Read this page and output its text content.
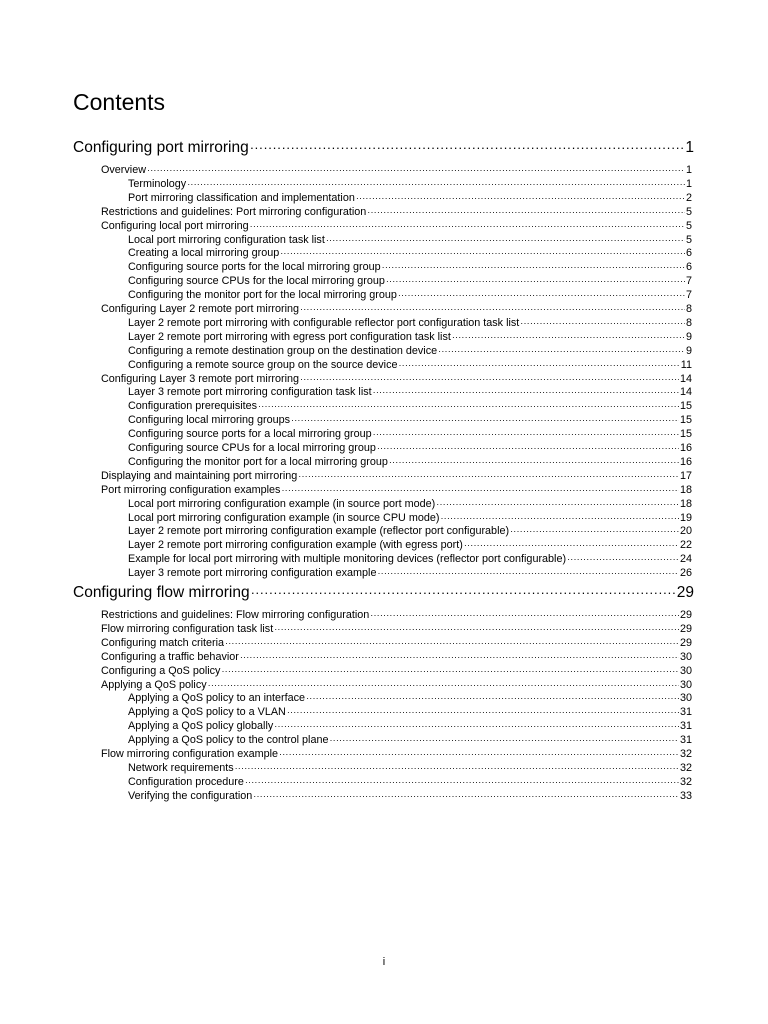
Contents
Configuring port mirroring ·····	1
Overview ·····	1
Terminology ·····	1
Port mirroring classification and implementation ·····	2
Restrictions and guidelines: Port mirroring configuration ·····	5
Configuring local port mirroring ·····	5
Local port mirroring configuration task list ·····	5
Creating a local mirroring group ·····	6
Configuring source ports for the local mirroring group ·····	6
Configuring source CPUs for the local mirroring group ·····	7
Configuring the monitor port for the local mirroring group ·····	7
Configuring Layer 2 remote port mirroring ·····	8
Layer 2 remote port mirroring with configurable reflector port configuration task list ·····	8
Layer 2 remote port mirroring with egress port configuration task list ·····	9
Configuring a remote destination group on the destination device ·····	9
Configuring a remote source group on the source device ·····	11
Configuring Layer 3 remote port mirroring ·····	14
Layer 3 remote port mirroring configuration task list ·····	14
Configuration prerequisites ·····	15
Configuring local mirroring groups ·····	15
Configuring source ports for a local mirroring group ·····	15
Configuring source CPUs for a local mirroring group ·····	16
Configuring the monitor port for a local mirroring group ·····	16
Displaying and maintaining port mirroring ·····	17
Port mirroring configuration examples ·····	18
Local port mirroring configuration example (in source port mode) ·····	18
Local port mirroring configuration example (in source CPU mode) ·····	19
Layer 2 remote port mirroring configuration example (reflector port configurable) ·····	20
Layer 2 remote port mirroring configuration example (with egress port) ·····	22
Example for local port mirroring with multiple monitoring devices (reflector port configurable) ·····	24
Layer 3 remote port mirroring configuration example ·····	26
Configuring flow mirroring ·····	29
Restrictions and guidelines: Flow mirroring configuration ·····	29
Flow mirroring configuration task list ·····	29
Configuring match criteria ·····	29
Configuring a traffic behavior ·····	30
Configuring a QoS policy ·····	30
Applying a QoS policy ·····	30
Applying a QoS policy to an interface ·····	30
Applying a QoS policy to a VLAN ·····	31
Applying a QoS policy globally ·····	31
Applying a QoS policy to the control plane ·····	31
Flow mirroring configuration example ·····	32
Network requirements ·····	32
Configuration procedure ·····	32
Verifying the configuration ·····	33
i
